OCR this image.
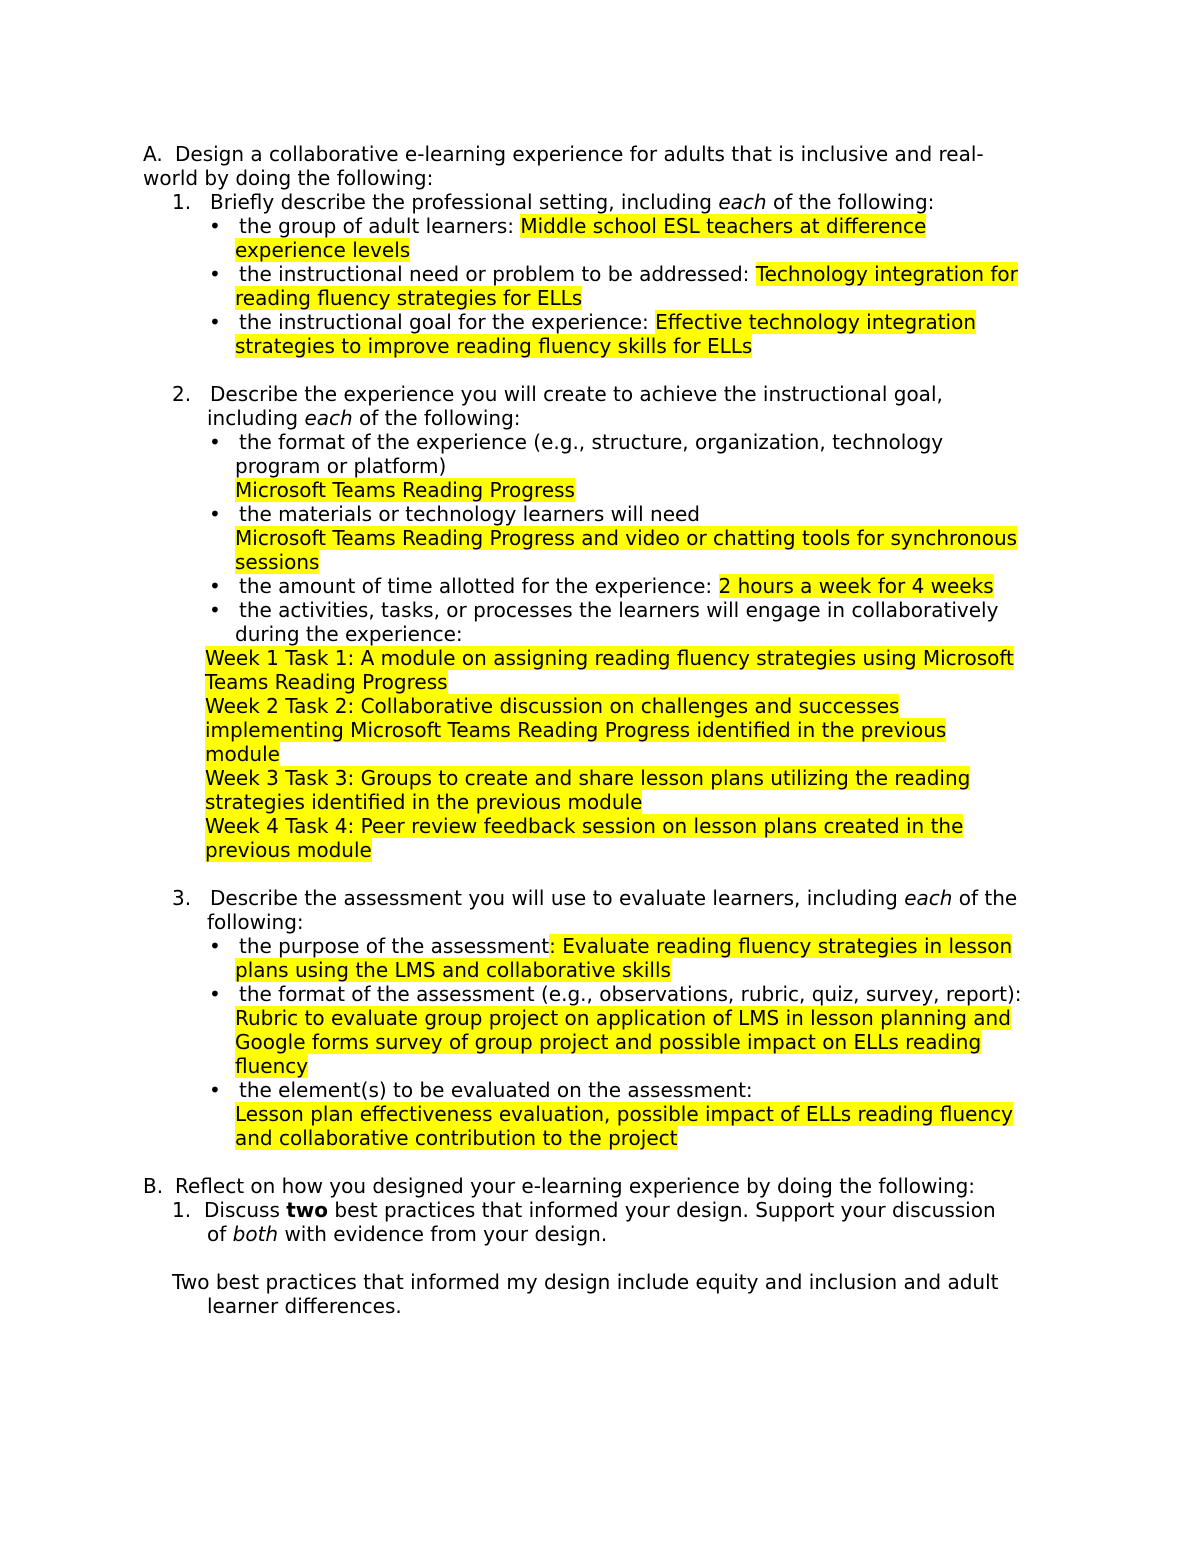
A. Design a collaborative e-learning experience for adults that is inclusive and real-
world by doing the following:
1. Briefly describe the professional setting, including each of the following:
• the group of adult learners: Middle school ESL teachers at difference
experience levels
• the instructional need or problem to be addressed: Technology integration for
reading fluency strategies for ELLs
• the instructional goal for the experience: Effective technology integration
strategies to improve reading fluency skills for ELLs
2. Describe the experience you will create to achieve the instructional goal,
including each of the following:
• the format of the experience (e.g., structure, organization, technology
program or platform)
Microsoft Teams Reading Progress
• the materials or technology learners will need
Microsoft Teams Reading Progress and video or chatting tools for synchronous
sessions
• the amount of time allotted for the experience: 2 hours a week for 4 weeks
• the activities, tasks, or processes the learners will engage in collaboratively
during the experience:
Week 1 Task 1: A module on assigning reading fluency strategies using Microsoft
Teams Reading Progress
Week 2 Task 2: Collaborative discussion on challenges and successes
implementing Microsoft Teams Reading Progress identified in the previous
module
Week 3 Task 3: Groups to create and share lesson plans utilizing the reading
strategies identified in the previous module
Week 4 Task 4: Peer review feedback session on lesson plans created in the
previous module
3. Describe the assessment you will use to evaluate learners, including each of the
following:
• the purpose of the assessment: Evaluate reading fluency strategies in lesson
plans using the LMS and collaborative skills
• the format of the assessment (e.g., observations, rubric, quiz, survey, report):
Rubric to evaluate group project on application of LMS in lesson planning and
Google forms survey of group project and possible impact on ELLs reading
fluency
• the element(s) to be evaluated on the assessment:
Lesson plan effectiveness evaluation, possible impact of ELLs reading fluency
and collaborative contribution to the project
B. Reflect on how you designed your e-learning experience by doing the following:
1. Discuss two best practices that informed your design. Support your discussion
of both with evidence from your design.
Two best practices that informed my design include equity and inclusion and adult
learner differences.
